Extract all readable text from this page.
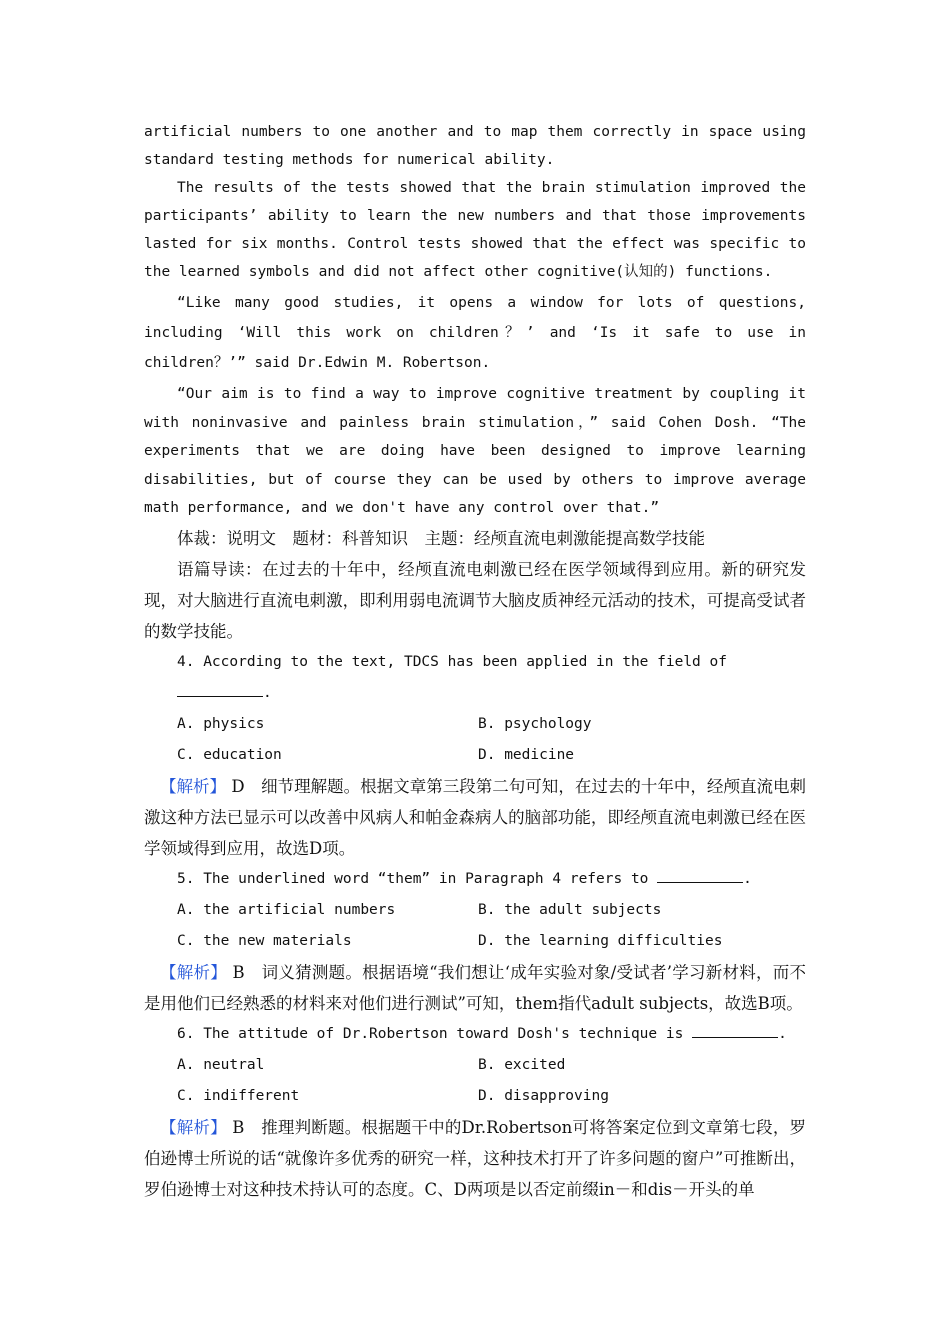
artificial numbers to one another and to map them correctly in space using standard testing methods for numerical ability.

The results of the tests showed that the brain stimulation improved the participants’ ability to learn the new numbers and that those improvements lasted for six months. Control tests showed that the effect was specific to the learned symbols and did not affect other cognitive(认知的) functions.

“Like many good studies, it opens a window for lots of questions, including ‘Will this work on children？’ and ‘Is it safe to use in children？’” said Dr.Edwin M. Robertson.

“Our aim is to find a way to improve cognitive treatment by coupling it with noninvasive and painless brain stimulation，” said Cohen Dosh. “The experiments that we are doing have been designed to improve learning disabilities, but of course they can be used by others to improve average math performance, and we don't have any control over that.”

体裁：说明文　题材：科普知识　主题：经颅直流电刺激能提高数学技能

语篇导读：在过去的十年中，经颅直流电刺激已经在医学领域得到应用。新的研究发现，对大脑进行直流电刺激，即利用弱电流调节大脑皮质神经元活动的技术，可提高受试者的数学技能。

4. According to the text, TDCS has been applied in the field of .

A. physics	B. psychology
C. education	D. medicine

【解析】 D　细节理解题。根据文章第三段第二句可知，在过去的十年中，经颅直流电刺激这种方法已显示可以改善中风病人和帕金森病人的脑部功能，即经颅直流电刺激已经在医学领域得到应用，故选D项。

5. The underlined word “them” in Paragraph 4 refers to	.

A. the artificial numbers	B. the adult subjects
C. the new materials	D. the learning difficulties

【解析】 B　词义猜测题。根据语境“我们想让‘成年实验对象/受试者’学习新材料，而不是用他们已经熟悉的材料来对他们进行测试”可知，them指代adult subjects，故选B项。

6. The attitude of Dr.Robertson toward Dosh's technique is	.

A. neutral	B. excited
C. indifferent	D. disapproving

【解析】 B　推理判断题。根据题干中的Dr.Robertson可将答案定位到文章第七段，罗伯逊博士所说的话“就像许多优秀的研究一样，这种技术打开了许多问题的窗户”可推断出，罗伯逊博士对这种技术持认可的态度。C、D两项是以否定前缀in－和dis－开头的单
